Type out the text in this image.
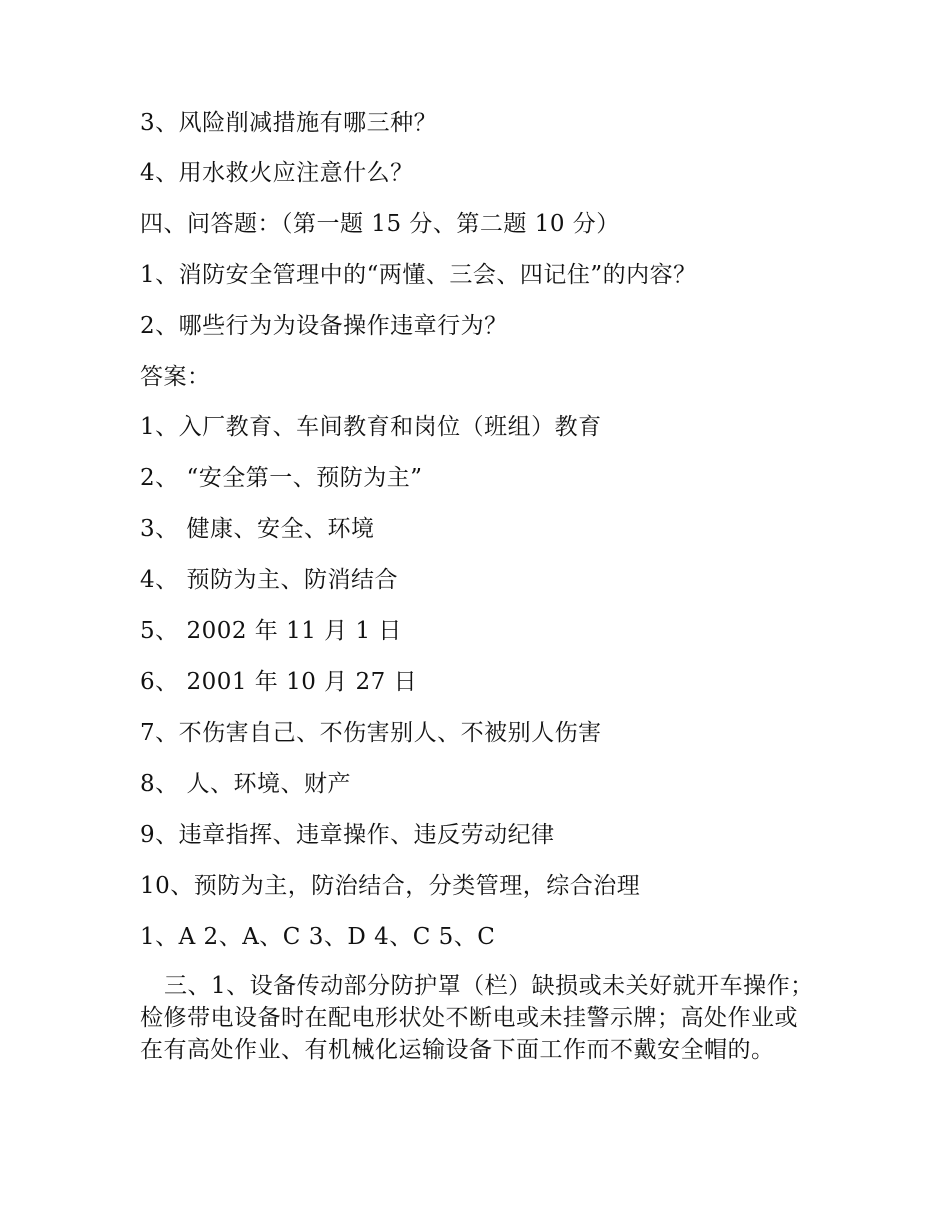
3、风险削减措施有哪三种？
4、用水救火应注意什么？
四、问答题：（第一题 15 分、第二题 10 分）
1、消防安全管理中的“两懂、三会、四记住”的内容？
2、哪些行为为设备操作违章行为？
答案：
1、入厂教育、车间教育和岗位（班组）教育
2、 “安全第一、预防为主”
3、 健康、安全、环境
4、 预防为主、防消结合
5、 2002 年 11 月 1 日
6、 2001 年 10 月 27 日
7、不伤害自己、不伤害别人、不被别人伤害
8、 人、环境、财产
9、违章指挥、违章操作、违反劳动纪律
10、预防为主，防治结合，分类管理，综合治理
1、A 2、A、C 3、D 4、C 5、C
三、1、设备传动部分防护罩（栏）缺损或未关好就开车操作；检修带电设备时在配电形状处不断电或未挂警示牌；高处作业或在有高处作业、有机械化运输设备下面工作而不戴安全帽的。
